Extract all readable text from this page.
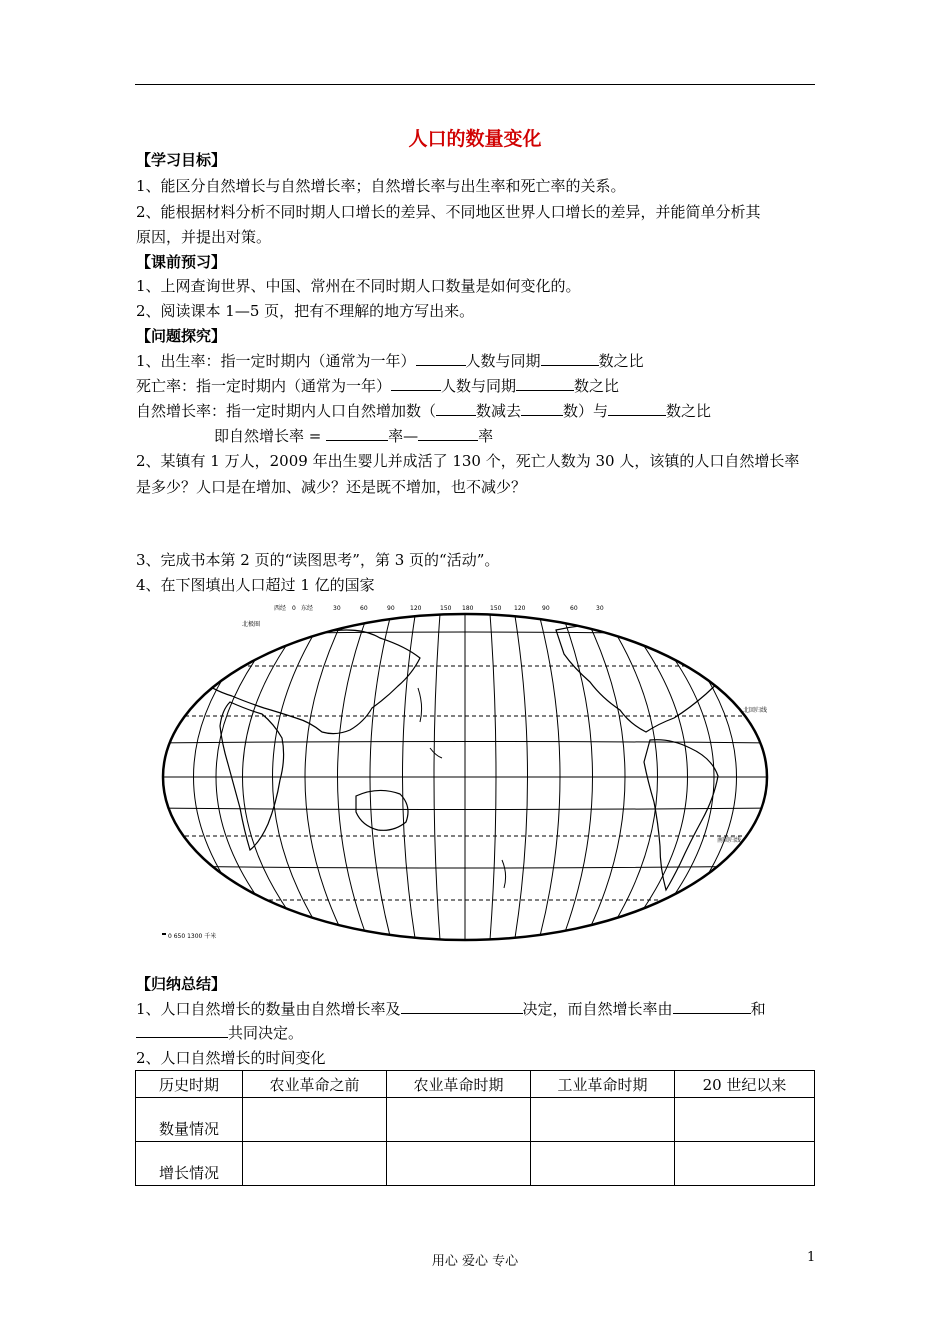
人口的数量变化
【学习目标】
1、能区分自然增长与自然增长率；自然增长率与出生率和死亡率的关系。
2、能根据材料分析不同时期人口增长的差异、不同地区世界人口增长的差异，并能简单分析其
原因，并提出对策。
【课前预习】
1、上网查询世界、中国、常州在不同时期人口数量是如何变化的。
2、阅读课本 1—5 页，把有不理解的地方写出来。
【问题探究】
1、出生率：指一定时期内（通常为一年）	人数与同期	数之比
死亡率：指一定时期内（通常为一年）	人数与同期	数之比
自然增长率：指一定时期内人口自然增加数（	数减去	数）与	数之比
即自然增长率 =	率—	率
2、某镇有 1 万人，2009 年出生婴儿并成活了 130 个，死亡人数为 30 人，该镇的人口自然增长率
是多少？人口是在增加、减少？还是既不增加，也不减少？
3、完成书本第 2 页的“读图思考”，第 3 页的“活动”。
4、在下图填出人口超过 1 亿的国家
西经 0 东经	30	60	90	120	150 180	150 120	90	60	30
北极圈
北回归线
南回归线
0 650 1300 千米
【归纳总结】
1、人口自然增长的数量由自然增长率及	决定，而自然增长率由	和
共同决定。
2、人口自然增长的时间变化
历史时期	农业革命之前	农业革命时期	工业革命时期	20 世纪以来
数量情况				
增长情况				
用心 爱心 专心	1
